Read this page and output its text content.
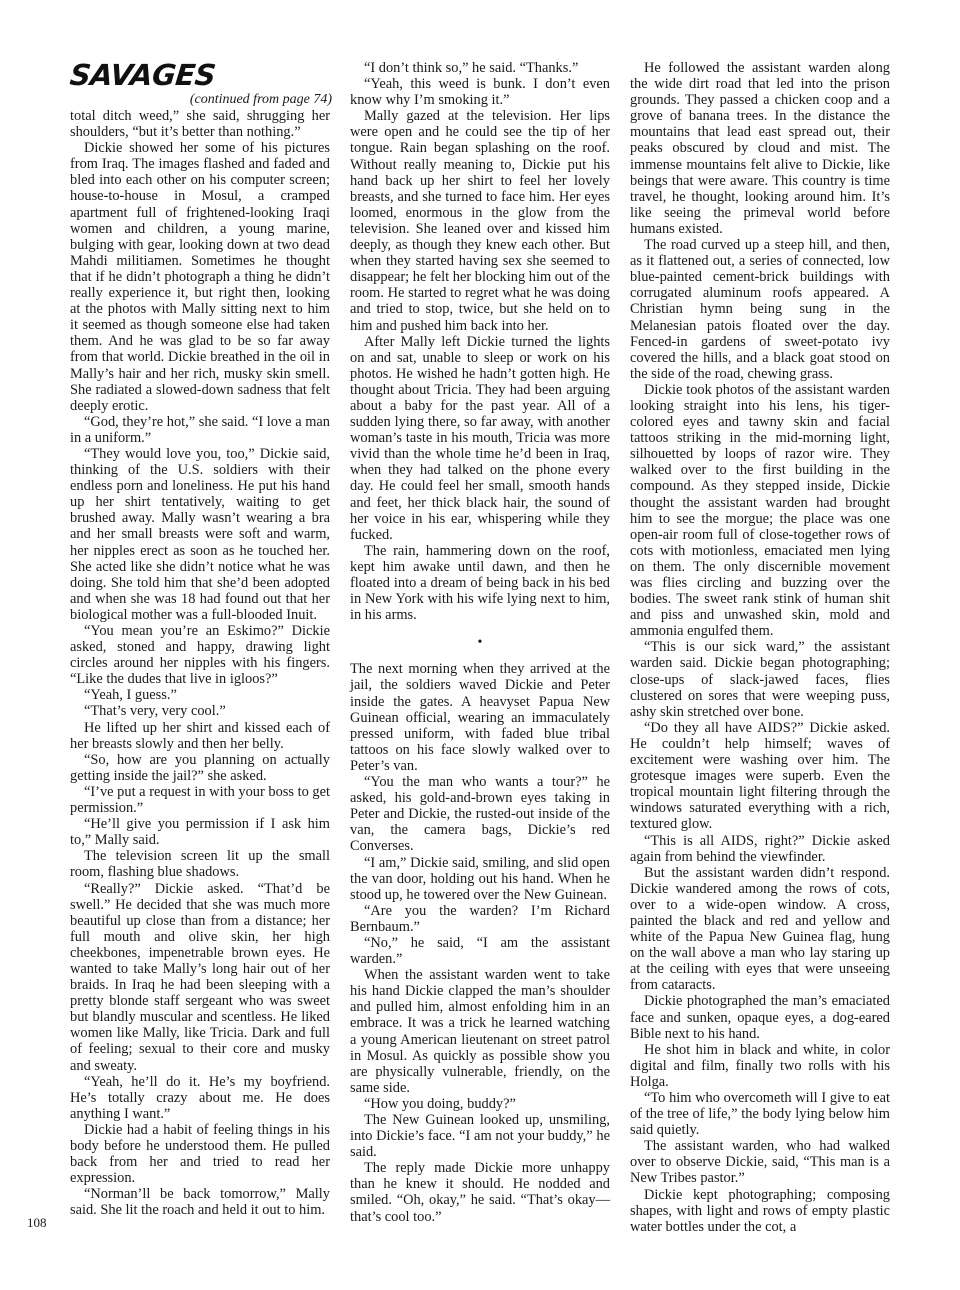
SAVAGES
(continued from page 74)

total ditch weed,” she said, shrugging her shoulders, “but it’s better than nothing.”

Dickie showed her some of his pictures from Iraq. The images flashed and faded and bled into each other on his computer screen; house-to-house in Mosul, a cramped apartment full of frightened-looking Iraqi women and children, a young marine, bulging with gear, looking down at two dead Mahdi militiamen. Sometimes he thought that if he didn’t photograph a thing he didn’t really experience it, but right then, looking at the photos with Mally sitting next to him it seemed as though someone else had taken them. And he was glad to be so far away from that world. Dickie breathed in the oil in Mally’s hair and her rich, musky skin smell. She radiated a slowed-down sadness that felt deeply erotic.

“God, they’re hot,” she said. “I love a man in a uniform.”

“They would love you, too,” Dickie said, thinking of the U.S. soldiers with their endless porn and loneliness. He put his hand up her shirt tentatively, waiting to get brushed away. Mally wasn’t wearing a bra and her small breasts were soft and warm, her nipples erect as soon as he touched her. She acted like she didn’t notice what he was doing. She told him that she’d been adopted and when she was 18 had found out that her biological mother was a full-blooded Inuit.

“You mean you’re an Eskimo?” Dickie asked, stoned and happy, drawing light circles around her nipples with his fingers. “Like the dudes that live in igloos?”

“Yeah, I guess.”

“That’s very, very cool.”

He lifted up her shirt and kissed each of her breasts slowly and then her belly.

“So, how are you planning on actually getting inside the jail?” she asked.

“I’ve put a request in with your boss to get permission.”

“He’ll give you permission if I ask him to,” Mally said.

The television screen lit up the small room, flashing blue shadows.

“Really?” Dickie asked. “That’d be swell.” He decided that she was much more beautiful up close than from a distance; her full mouth and olive skin, her high cheekbones, impenetrable brown eyes. He wanted to take Mally’s long hair out of her braids. In Iraq he had been sleeping with a pretty blonde staff sergeant who was sweet but blandly muscular and scentless. He liked women like Mally, like Tricia. Dark and full of feeling; sexual to their core and musky and sweaty.

“Yeah, he’ll do it. He’s my boyfriend. He’s totally crazy about me. He does anything I want.”

Dickie had a habit of feeling things in his body before he understood them. He pulled back from her and tried to read her expression.

“Norman’ll be back tomorrow,” Mally said. She lit the roach and held it out to him.

“I don’t think so,” he said. “Thanks.”

“Yeah, this weed is bunk. I don’t even know why I’m smoking it.”

Mally gazed at the television. Her lips were open and he could see the tip of her tongue. Rain began splashing on the roof. Without really meaning to, Dickie put his hand back up her shirt to feel her lovely breasts, and she turned to face him. Her eyes loomed, enormous in the glow from the television. She leaned over and kissed him deeply, as though they knew each other. But when they started having sex she seemed to disappear; he felt her blocking him out of the room. He started to regret what he was doing and tried to stop, twice, but she held on to him and pushed him back into her.

After Mally left Dickie turned the lights on and sat, unable to sleep or work on his photos. He wished he hadn’t gotten high. He thought about Tricia. They had been arguing about a baby for the past year. All of a sudden lying there, so far away, with another woman’s taste in his mouth, Tricia was more vivid than the whole time he’d been in Iraq, when they had talked on the phone every day. He could feel her small, smooth hands and feet, her thick black hair, the sound of her voice in his ear, whispering while they fucked.

The rain, hammering down on the roof, kept him awake until dawn, and then he floated into a dream of being back in his bed in New York with his wife lying next to him, in his arms.

•

The next morning when they arrived at the jail, the soldiers waved Dickie and Peter inside the gates. A heavyset Papua New Guinean official, wearing an immaculately pressed uniform, with faded blue tribal tattoos on his face slowly walked over to Peter’s van.

“You the man who wants a tour?” he asked, his gold-and-brown eyes taking in Peter and Dickie, the rusted-out inside of the van, the camera bags, Dickie’s red Converses.

“I am,” Dickie said, smiling, and slid open the van door, holding out his hand. When he stood up, he towered over the New Guinean.

“Are you the warden? I’m Richard Bernbaum.”

“No,” he said, “I am the assistant warden.”

When the assistant warden went to take his hand Dickie clapped the man’s shoulder and pulled him, almost enfolding him in an embrace. It was a trick he learned watching a young American lieutenant on street patrol in Mosul. As quickly as possible show you are physically vulnerable, friendly, on the same side.

“How you doing, buddy?”

The New Guinean looked up, unsmiling, into Dickie’s face. “I am not your buddy,” he said.

The reply made Dickie more unhappy than he knew it should. He nodded and smiled. “Oh, okay,” he said. “That’s okay—that’s cool too.”

He followed the assistant warden along the wide dirt road that led into the prison grounds. They passed a chicken coop and a grove of banana trees. In the distance the mountains that lead east spread out, their peaks obscured by cloud and mist. The immense mountains felt alive to Dickie, like beings that were aware. This country is time travel, he thought, looking around him. It’s like seeing the primeval world before humans existed.

The road curved up a steep hill, and then, as it flattened out, a series of connected, low blue-painted cement-brick buildings with corrugated aluminum roofs appeared. A Christian hymn being sung in the Melanesian patois floated over the day. Fenced-in gardens of sweet-potato ivy covered the hills, and a black goat stood on the side of the road, chewing grass.

Dickie took photos of the assistant warden looking straight into his lens, his tiger-colored eyes and tawny skin and facial tattoos striking in the mid-morning light, silhouetted by loops of razor wire. They walked over to the first building in the compound. As they stepped inside, Dickie thought the assistant warden had brought him to see the morgue; the place was one open-air room full of close-together rows of cots with motionless, emaciated men lying on them. The only discernible movement was flies circling and buzzing over the bodies. The sweet rank stink of human shit and piss and unwashed skin, mold and ammonia engulfed them.

“This is our sick ward,” the assistant warden said. Dickie began photographing; close-ups of slack-jawed faces, flies clustered on sores that were weeping puss, ashy skin stretched over bone.

“Do they all have AIDS?” Dickie asked. He couldn’t help himself; waves of excitement were washing over him. The grotesque images were superb. Even the tropical mountain light filtering through the windows saturated everything with a rich, textured glow.

“This is all AIDS, right?” Dickie asked again from behind the viewfinder.

But the assistant warden didn’t respond. Dickie wandered among the rows of cots, over to a wide-open window. A cross, painted the black and red and yellow and white of the Papua New Guinea flag, hung on the wall above a man who lay staring up at the ceiling with eyes that were unseeing from cataracts.

Dickie photographed the man’s emaciated face and sunken, opaque eyes, a dog-eared Bible next to his hand.

He shot him in black and white, in color digital and film, finally two rolls with his Holga.

“To him who overcometh will I give to eat of the tree of life,” the body lying below him said quietly.

The assistant warden, who had walked over to observe Dickie, said, “This man is a New Tribes pastor.”

Dickie kept photographing; composing shapes, with light and rows of empty plastic water bottles under the cot, a

108
